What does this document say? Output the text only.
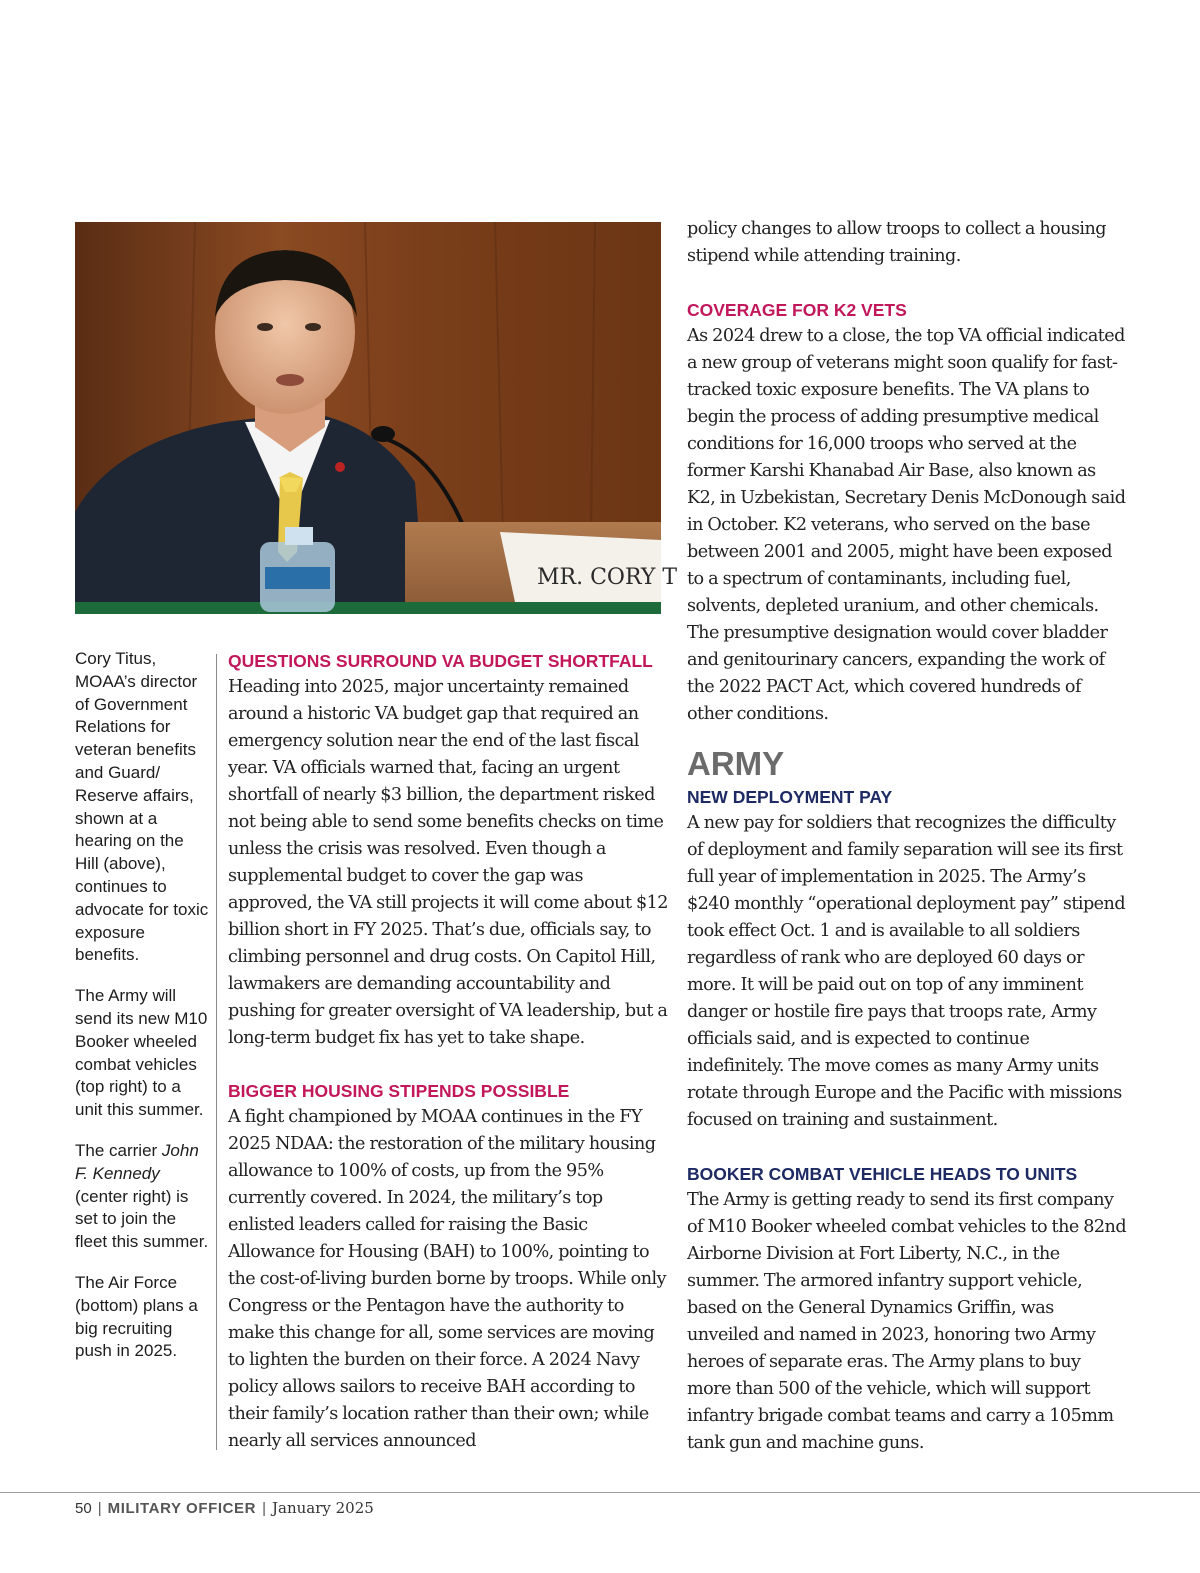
MR. CORY T

Cory Titus, MOAA’s director of Government Relations for veteran benefits and Guard/ Reserve affairs, shown at a hearing on the Hill (above), continues to advocate for toxic exposure benefits.

The Army will send its new M10 Booker wheeled combat vehicles (top right) to a unit this summer.

The carrier John F. Kennedy (center right) is set to join the fleet this summer.

The Air Force (bottom) plans a big recruiting push in 2025.

QUESTIONS SURROUND VA BUDGET SHORTFALL

Heading into 2025, major uncertainty remained around a historic VA budget gap that required an emergency solution near the end of the last fiscal year. VA officials warned that, facing an urgent shortfall of nearly $3 billion, the department risked not being able to send some benefits checks on time unless the crisis was resolved. Even though a supplemental budget to cover the gap was approved, the VA still projects it will come about $12 billion short in FY 2025. That’s due, officials say, to climbing personnel and drug costs. On Capitol Hill, lawmakers are demanding accountability and pushing for greater oversight of VA leadership, but a long-term budget fix has yet to take shape.

BIGGER HOUSING STIPENDS POSSIBLE

A fight championed by MOAA continues in the FY 2025 NDAA: the restoration of the military housing allowance to 100% of costs, up from the 95% currently covered. In 2024, the military’s top enlisted leaders called for raising the Basic Allowance for Housing (BAH) to 100%, pointing to the cost-of-living burden borne by troops. While only Congress or the Pentagon have the authority to make this change for all, some services are moving to lighten the burden on their force. A 2024 Navy policy allows sailors to receive BAH according to their family’s location rather than their own; while nearly all services announced

policy changes to allow troops to collect a housing stipend while attending training.

COVERAGE FOR K2 VETS

As 2024 drew to a close, the top VA official indicated a new group of veterans might soon qualify for fast-tracked toxic exposure benefits. The VA plans to begin the process of adding presumptive medical conditions for 16,000 troops who served at the former Karshi Khanabad Air Base, also known as K2, in Uzbekistan, Secretary Denis McDonough said in October. K2 veterans, who served on the base between 2001 and 2005, might have been exposed to a spectrum of contaminants, including fuel, solvents, depleted uranium, and other chemicals. The presumptive designation would cover bladder and genitourinary cancers, expanding the work of the 2022 PACT Act, which covered hundreds of other conditions.

ARMY
NEW DEPLOYMENT PAY

A new pay for soldiers that recognizes the difficulty of deployment and family separation will see its first full year of implementation in 2025. The Army’s $240 monthly “operational deployment pay” stipend took effect Oct. 1 and is available to all soldiers regardless of rank who are deployed 60 days or more. It will be paid out on top of any imminent danger or hostile fire pays that troops rate, Army officials said, and is expected to continue indefinitely. The move comes as many Army units rotate through Europe and the Pacific with missions focused on training and sustainment.

BOOKER COMBAT VEHICLE HEADS TO UNITS

The Army is getting ready to send its first company of M10 Booker wheeled combat vehicles to the 82nd Airborne Division at Fort Liberty, N.C., in the summer. The armored infantry support vehicle, based on the General Dynamics Griffin, was unveiled and named in 2023, honoring two Army heroes of separate eras. The Army plans to buy more than 500 of the vehicle, which will support infantry brigade combat teams and carry a 105mm tank gun and machine guns.

50 | MILITARY OFFICER | January 2025
